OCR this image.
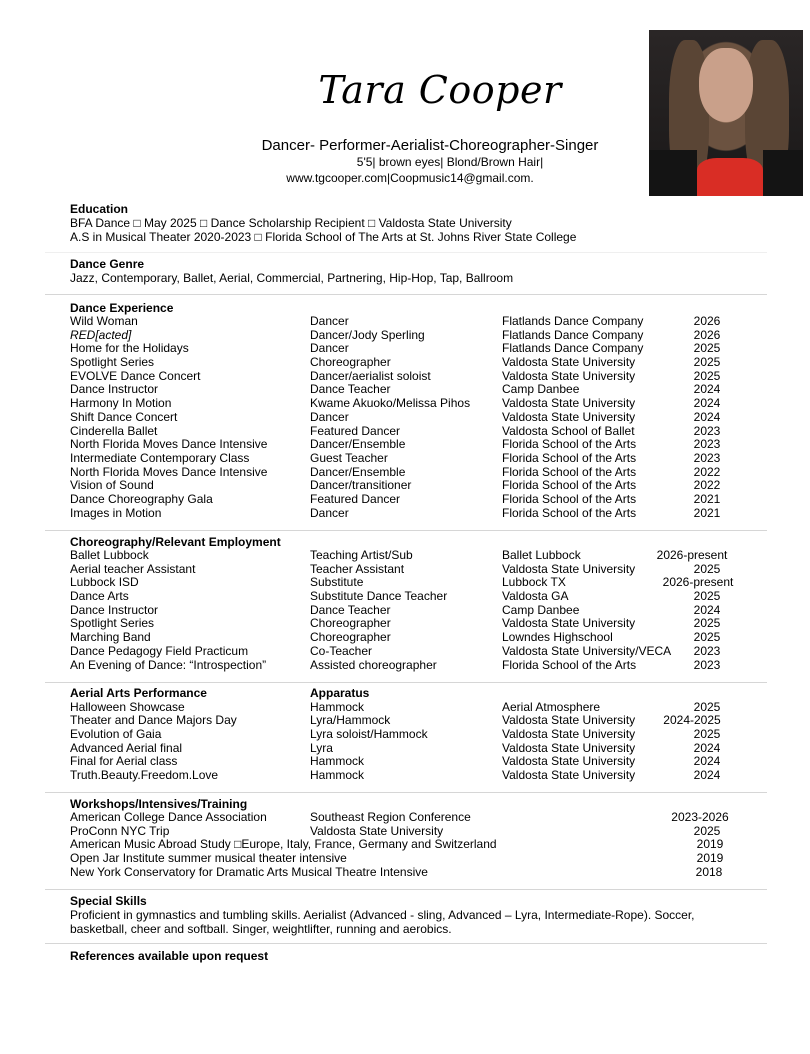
Tara Cooper
Dancer- Performer-Aerialist-Choreographer-Singer
5'5| brown eyes| Blond/Brown Hair|
www.tgcooper.com|Coopmusic14@gmail.com.
Education
BFA Dance □ May 2025 □ Dance Scholarship Recipient □ Valdosta State University
A.S in Musical Theater 2020-2023 □ Florida School of The Arts at St. Johns River State College
Dance Genre
Jazz, Contemporary, Ballet, Aerial, Commercial, Partnering, Hip-Hop, Tap, Ballroom
Dance Experience
Wild Woman	Dancer	Flatlands Dance Company	2026
RED[acted]	Dancer/Jody Sperling	Flatlands Dance Company	2026
Home for the Holidays	Dancer	Flatlands Dance Company	2025
Spotlight Series	Choreographer	Valdosta State University	2025
EVOLVE Dance Concert	Dancer/aerialist soloist	Valdosta State University	2025
Dance Instructor	Dance Teacher	Camp Danbee	2024
Harmony In Motion	Kwame Akuoko/Melissa Pihos	Valdosta State University	2024
Shift Dance Concert	Dancer	Valdosta State University	2024
Cinderella Ballet	Featured Dancer	Valdosta School of Ballet	2023
North Florida Moves Dance Intensive	Dancer/Ensemble	Florida School of the Arts	2023
Intermediate Contemporary Class	Guest Teacher	Florida School of the Arts	2023
North Florida Moves Dance Intensive	Dancer/Ensemble	Florida School of the Arts	2022
Vision of Sound	Dancer/transitioner	Florida School of the Arts	2022
Dance Choreography Gala	Featured Dancer	Florida School of the Arts	2021
Images in Motion	Dancer	Florida School of the Arts	2021
Choreography/Relevant Employment
Ballet Lubbock	Teaching Artist/Sub	Ballet Lubbock	2026-present
Aerial teacher Assistant	Teacher Assistant	Valdosta State University	2025
Lubbock ISD	Substitute	Lubbock TX	2026-present
Dance Arts	Substitute Dance Teacher	Valdosta GA	2025
Dance Instructor	Dance Teacher	Camp Danbee	2024
Spotlight Series	Choreographer	Valdosta State University	2025
Marching Band	Choreographer	Lowndes Highschool	2025
Dance Pedagogy Field Practicum	Co-Teacher	Valdosta State University/VECA	2023
An Evening of Dance: “Introspection”	Assisted choreographer	Florida School of the Arts	2023
Aerial Arts Performance	Apparatus
Halloween Showcase	Hammock	Aerial Atmosphere	2025
Theater and Dance Majors Day	Lyra/Hammock	Valdosta State University	2024-2025
Evolution of Gaia	Lyra soloist/Hammock	Valdosta State University	2025
Advanced Aerial final	Lyra	Valdosta State University	2024
Final for Aerial class	Hammock	Valdosta State University	2024
Truth.Beauty.Freedom.Love	Hammock	Valdosta State University	2024
Workshops/Intensives/Training
American College Dance Association	Southeast Region Conference	2023-2026
ProConn NYC Trip	Valdosta State University	2025
American Music Abroad Study □Europe, Italy, France, Germany and Switzerland	2019
Open Jar Institute summer musical theater intensive	2019
New York Conservatory for Dramatic Arts Musical Theatre Intensive	2018
Special Skills
Proficient in gymnastics and tumbling skills. Aerialist (Advanced - sling, Advanced – Lyra, Intermediate-Rope). Soccer,
basketball, cheer and softball. Singer, weightlifter, running and aerobics.
References available upon request
